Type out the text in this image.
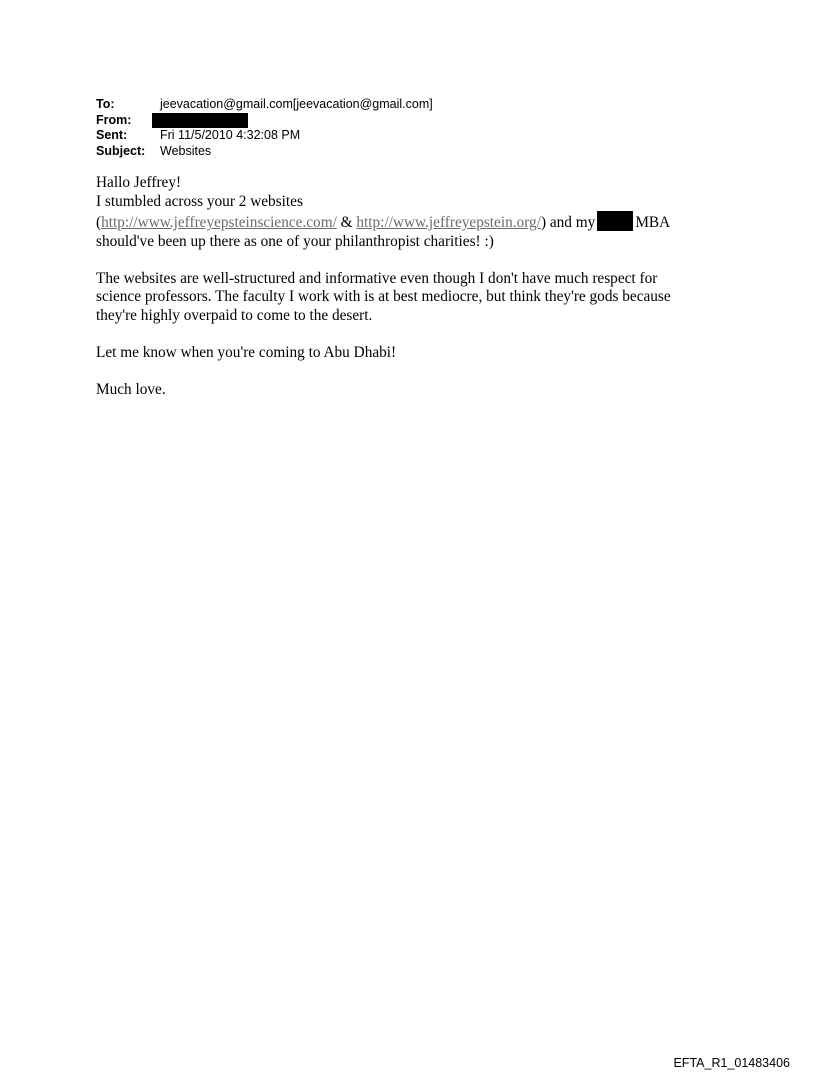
To:	jeevacation@gmail.com[jeevacation@gmail.com]
From:
Sent:	Fri 11/5/2010 4:32:08 PM
Subject:	Websites
Hallo Jeffrey!
I stumbled across your 2 websites
(http://www.jeffreyepsteinscience.com/ & http://www.jeffreyepstein.org/) and my	MBA
should've been up there as one of your philanthropist charities! :)
The websites are well-structured and informative even though I don't have much respect for
science professors. The faculty I work with is at best mediocre, but think they're gods because
they're highly overpaid to come to the desert.
Let me know when you're coming to Abu Dhabi!
Much love.
EFTA_R1_01483406
